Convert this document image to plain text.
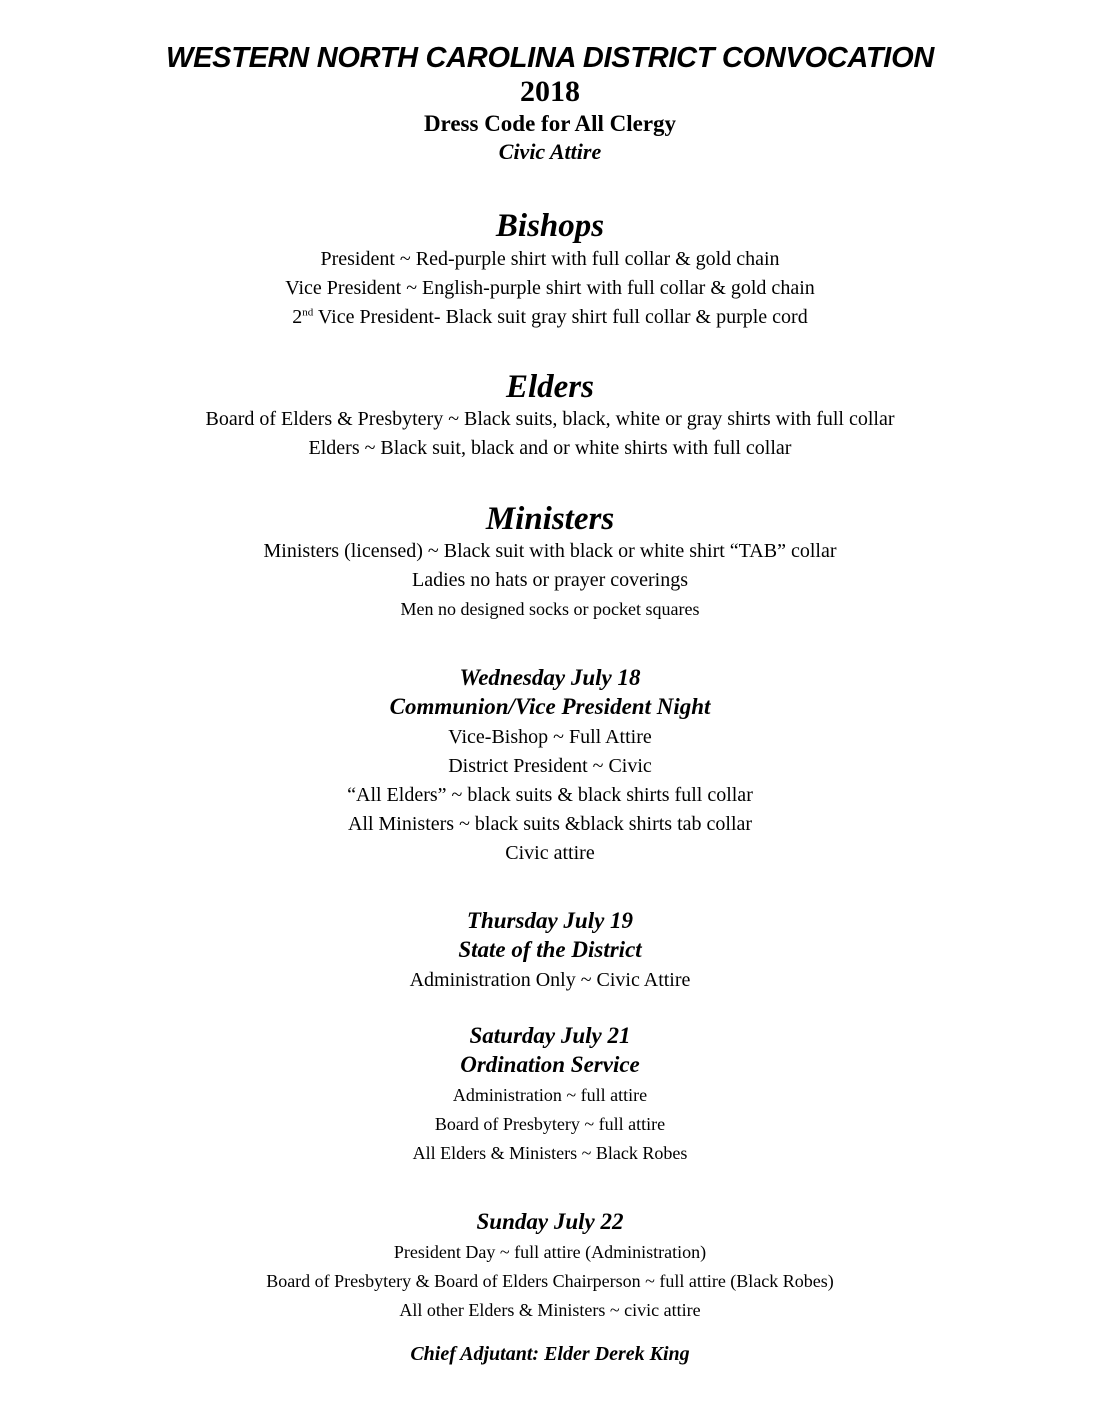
WESTERN NORTH CAROLINA DISTRICT CONVOCATION
2018
Dress Code for All Clergy
Civic Attire
Bishops
President ~ Red-purple shirt with full collar & gold chain
Vice President ~ English-purple shirt with full collar & gold chain
2nd Vice President- Black suit gray shirt full collar & purple cord
Elders
Board of Elders & Presbytery ~ Black suits, black, white or gray shirts with full collar
Elders ~ Black suit, black and or white shirts with full collar
Ministers
Ministers (licensed) ~ Black suit with black or white shirt “TAB” collar
Ladies no hats or prayer coverings
Men no designed socks or pocket squares
Wednesday July 18
Communion/Vice President Night
Vice-Bishop ~ Full Attire
District President ~ Civic
“All Elders” ~ black suits & black shirts full collar
All Ministers ~ black suits &black shirts tab collar
Civic attire
Thursday July 19
State of the District
Administration Only ~ Civic Attire
Saturday July 21
Ordination Service
Administration ~ full attire
Board of Presbytery ~ full attire
All Elders & Ministers ~ Black Robes
Sunday July 22
President Day ~ full attire (Administration)
Board of Presbytery & Board of Elders Chairperson ~ full attire (Black Robes)
All other Elders & Ministers ~ civic attire
Chief Adjutant: Elder Derek King
